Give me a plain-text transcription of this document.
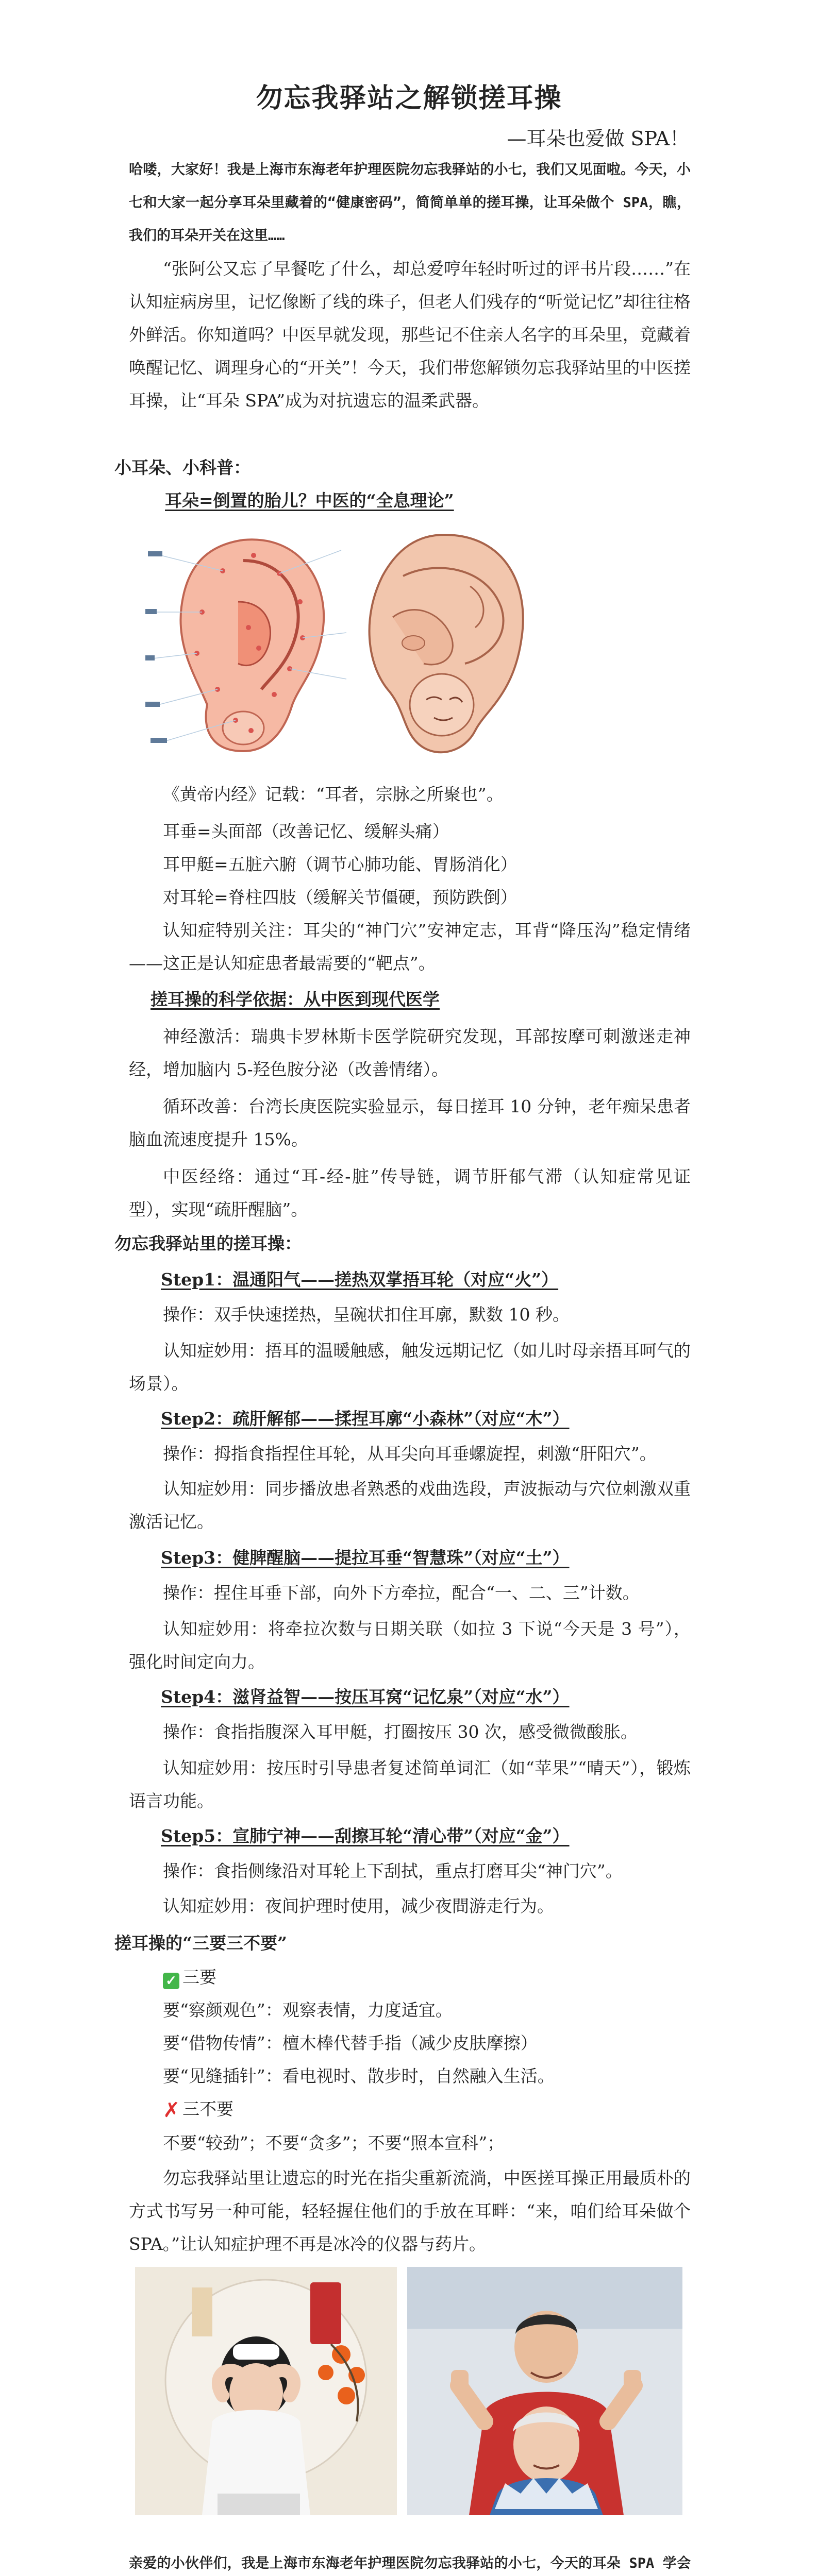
勿忘我驿站之解锁搓耳操

—耳朵也爱做 SPA！

哈喽，大家好！我是上海市东海老年护理医院勿忘我驿站的小七，我们又见面啦。今天，小七和大家一起分享耳朵里藏着的“健康密码”，简简单单的搓耳操，让耳朵做个 SPA，瞧，我们的耳朵开关在这里……

“张阿公又忘了早餐吃了什么，却总爱哼年轻时听过的评书片段……”在认知症病房里，记忆像断了线的珠子，但老人们残存的“听觉记忆”却往往格外鲜活。你知道吗？中医早就发现，那些记不住亲人名字的耳朵里，竟藏着唤醒记忆、调理身心的“开关”！今天，我们带您解锁勿忘我驿站里的中医搓耳操，让“耳朵 SPA”成为对抗遗忘的温柔武器。

小耳朵、小科普：

耳朵=倒置的胎儿？中医的“全息理论”

《黄帝内经》记载：“耳者，宗脉之所聚也”。

耳垂=头面部（改善记忆、缓解头痛）

耳甲艇=五脏六腑（调节心肺功能、胃肠消化）

对耳轮=脊柱四肢（缓解关节僵硬，预防跌倒）

认知症特别关注：耳尖的“神门穴”安神定志，耳背“降压沟”稳定情绪——这正是认知症患者最需要的“靶点”。

搓耳操的科学依据：从中医到现代医学

神经激活：瑞典卡罗林斯卡医学院研究发现，耳部按摩可刺激迷走神经，增加脑内 5-羟色胺分泌（改善情绪）。

循环改善：台湾长庚医院实验显示，每日搓耳 10 分钟，老年痴呆患者脑血流速度提升 15%。

中医经络：通过“耳-经-脏”传导链，调节肝郁气滞（认知症常见证型），实现“疏肝醒脑”。

勿忘我驿站里的搓耳操：

Step1：温通阳气——搓热双掌捂耳轮（对应“火”）

操作：双手快速搓热，呈碗状扣住耳廓，默数 10 秒。

认知症妙用：捂耳的温暖触感，触发远期记忆（如儿时母亲捂耳呵气的场景）。

Step2：疏肝解郁——揉捏耳廓“小森林”（对应“木”）

操作：拇指食指捏住耳轮，从耳尖向耳垂螺旋捏，刺激“肝阳穴”。

认知症妙用：同步播放患者熟悉的戏曲选段，声波振动与穴位刺激双重激活记忆。

Step3：健脾醒脑——提拉耳垂“智慧珠”（对应“土”）

操作：捏住耳垂下部，向外下方牵拉，配合“一、二、三”计数。

认知症妙用：将牵拉次数与日期关联（如拉 3 下说“今天是 3 号”），强化时间定向力。

Step4：滋肾益智——按压耳窝“记忆泉”（对应“水”）

操作：食指指腹深入耳甲艇，打圈按压 30 次，感受微微酸胀。

认知症妙用：按压时引导患者复述简单词汇（如“苹果”“晴天”），锻炼语言功能。

Step5：宣肺宁神——刮擦耳轮“清心带”（对应“金”）

操作：食指侧缘沿对耳轮上下刮拭，重点打磨耳尖“神门穴”。

认知症妙用：夜间护理时使用，减少夜間游走行为。

搓耳操的“三要三不要”

✓ 三要

要“察颜观色”：观察表情，力度适宜。

要“借物传情”：檀木棒代替手指（减少皮肤摩擦）

要“见缝插针”：看电视时、散步时，自然融入生活。

✗ 三不要

不要“较劲”；不要“贪多”；不要“照本宣科”；

勿忘我驿站里让遗忘的时光在指尖重新流淌，中医搓耳操正用最质朴的方式书写另一种可能，轻轻握住他们的手放在耳畔：“来，咱们给耳朵做个 SPA。”让认知症护理不再是冰冷的仪器与药片。

亲爱的小伙伴们，我是上海市东海老年护理医院勿忘我驿站的小七，今天的耳朵 SPA 学会
